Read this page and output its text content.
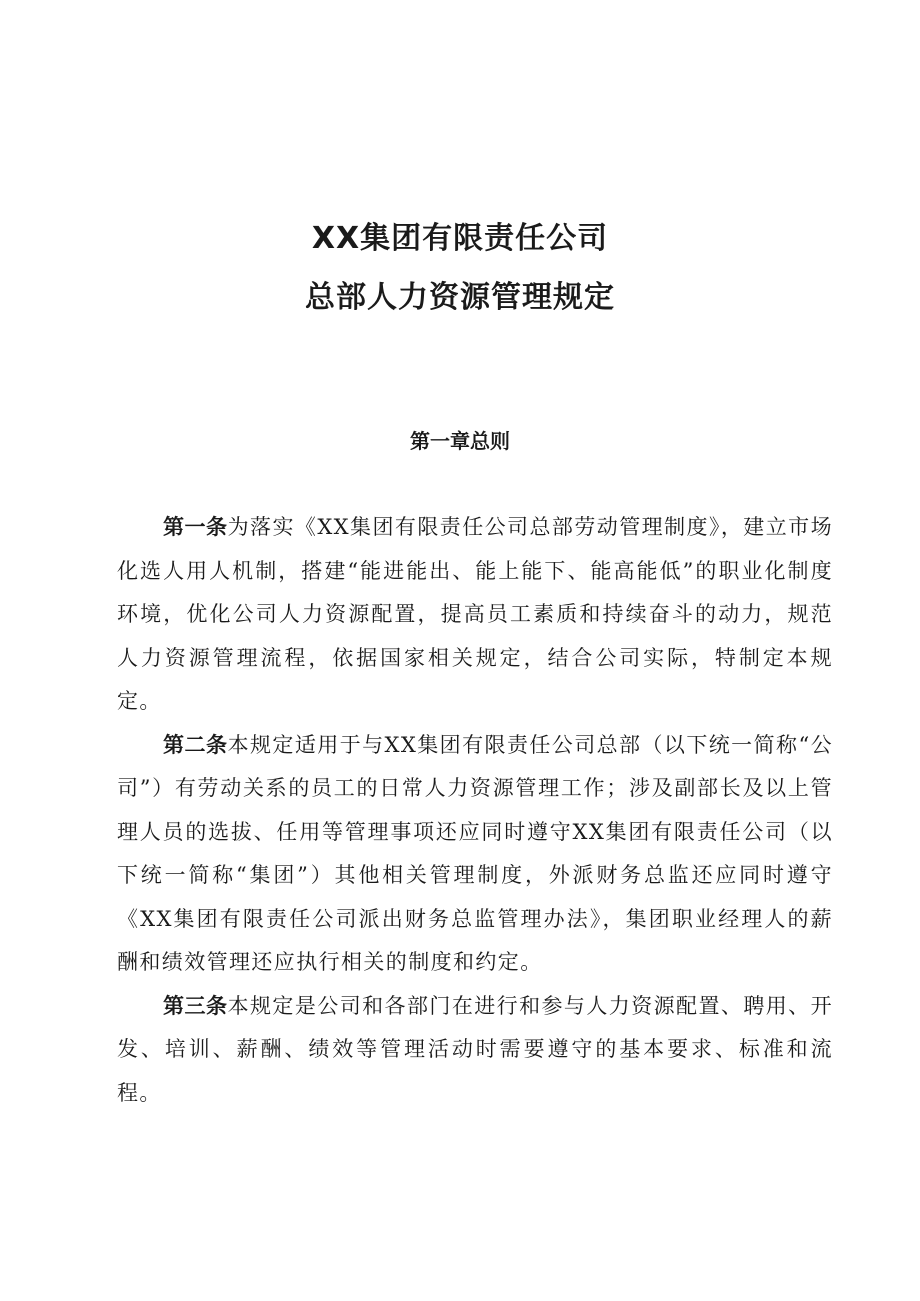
XX集团有限责任公司
总部人力资源管理规定
第一章总则

第一条为落实《XX集团有限责任公司总部劳动管理制度》，建立市场化选人用人机制，搭建“能进能出、能上能下、能高能低”的职业化制度环境，优化公司人力资源配置，提高员工素质和持续奋斗的动力，规范人力资源管理流程，依据国家相关规定，结合公司实际，特制定本规定。

第二条本规定适用于与XX集团有限责任公司总部（以下统一简称“公司”）有劳动关系的员工的日常人力资源管理工作；涉及副部长及以上管理人员的选拔、任用等管理事项还应同时遵守XX集团有限责任公司（以下统一简称“集团”）其他相关管理制度，外派财务总监还应同时遵守《XX集团有限责任公司派出财务总监管理办法》，集团职业经理人的薪酬和绩效管理还应执行相关的制度和约定。

第三条本规定是公司和各部门在进行和参与人力资源配置、聘用、开发、培训、薪酬、绩效等管理活动时需要遵守的基本要求、标准和流程。
